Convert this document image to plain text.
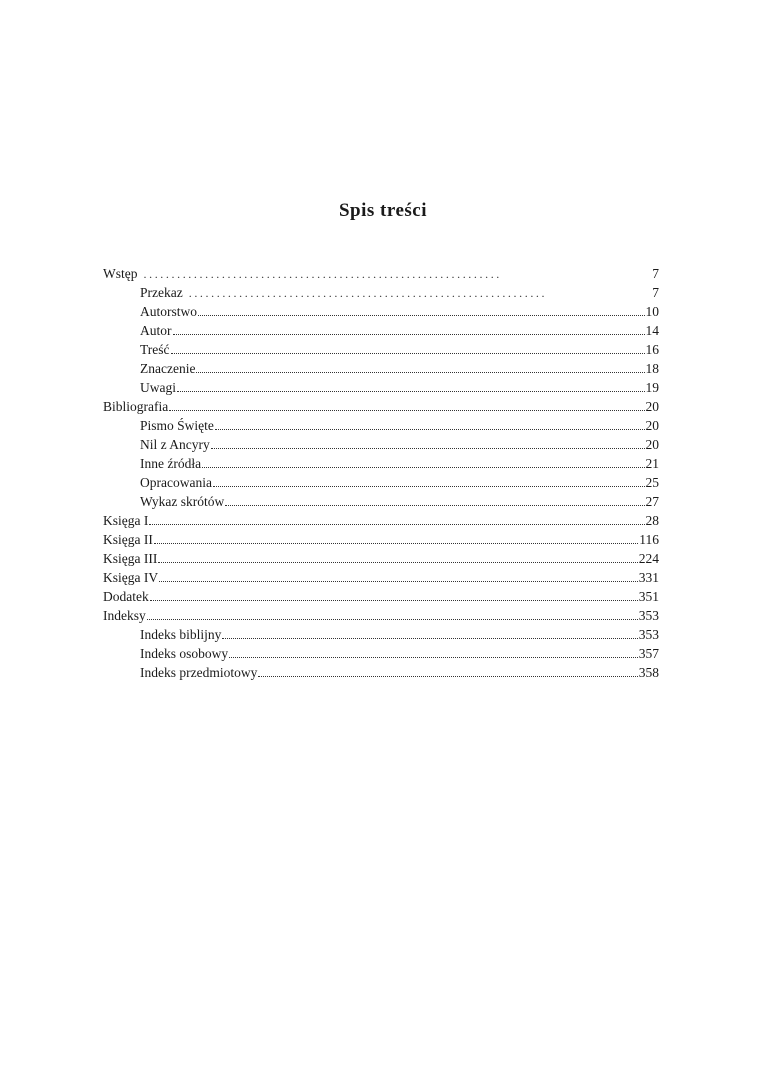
Spis treści
Wstęp ................................................................	7
Przekaz ................................................................	7
Autorstwo	10
Autor	14
Treść	16
Znaczenie	18
Uwagi	19
Bibliografia	20
Pismo Święte	20
Nil z Ancyry	20
Inne źródła	21
Opracowania	25
Wykaz skrótów	27
Księga I	28
Księga II	116
Księga III	224
Księga IV	331
Dodatek	351
Indeksy	353
Indeks biblijny	353
Indeks osobowy	357
Indeks przedmiotowy	358
